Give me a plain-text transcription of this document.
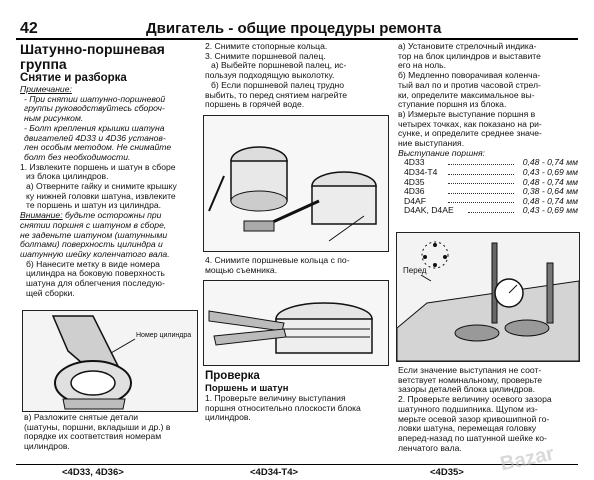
42	Двигатель - общие процедуры ремонта
Шатунно-поршневая
группа
Снятие и разборка

Примечание:

- При снятии шатунно-поршневой

группы руководствуйтесь сбороч-

ным рисунком.

- Болт крепления крышки шатуна

двигателей 4D33 и 4D36 установ-

лен особым методом. Не снимайте

болт без необходимости.

1. Извлеките поршень и шатун в сборе

из блока цилиндров.

а) Отверните гайку и снимите крышку

ку нижней головки шатуна, извлеките

те поршень и шатун из цилиндра.

Внимание: будьте осторожны при

снятии поршня с шатуном в сборе,

не заденьте шатуном (шатунными

болтами) поверхность цилиндра и

шатунную шейку коленчатого вала.

б) Нанесите метку в виде номера

цилиндра на боковую поверхность

шатуна для облегчения последую-

щей сборки.

Номер цилиндра

в) Разложите снятые детали

(шатуны, поршни, вкладыши и др.) в

порядке их соответствия номерам

цилиндров.

2. Снимите стопорные кольца.

3. Снимите поршневой палец.

а) Выбейте поршневой палец, ис-

пользуя подходящую выколотку.

б) Если поршневой палец трудно

выбить, то перед снятием нагрейте

поршень в горячей воде.

4. Снимите поршневые кольца с по-

мощью съемника.

Проверка
Поршень и шатун

1. Проверьте величину выступания

поршня относительно плоскости блока

цилиндров.

а) Установите стрелочный индика-

тор на блок цилиндров и выставите

его на ноль.

б) Медленно поворачивая коленча-

тый вал по и против часовой стрел-

ки, определите максимальное вы-

ступание поршня из блока.

в) Измерьте выступание поршня в

четырех точках, как показано на ри-

сунке, и определите среднее значе-

ние выступания.

Выступание поршня:

4D33	0,48 - 0,74 мм
4D34-T4	0,43 - 0,69 мм
4D35	0,48 - 0,74 мм
4D36	0,38 - 0,64 мм
D4AF	0,48 - 0,74 мм
D4AK, D4AE	0,43 - 0,69 мм
Перед

Если значение выступания не соот-

ветствует номинальному, проверьте

зазоры деталей блока цилиндров.

2. Проверьте величину осевого зазора

шатунного подшипника. Щупом из-

мерьте осевой зазор кривошипной го-

ловки шатуна, перемещая головку

вперед-назад по шатунной шейке ко-

ленчатого вала.

<4D33, 4D36>	<4D34-T4>	<4D35> Bazar
